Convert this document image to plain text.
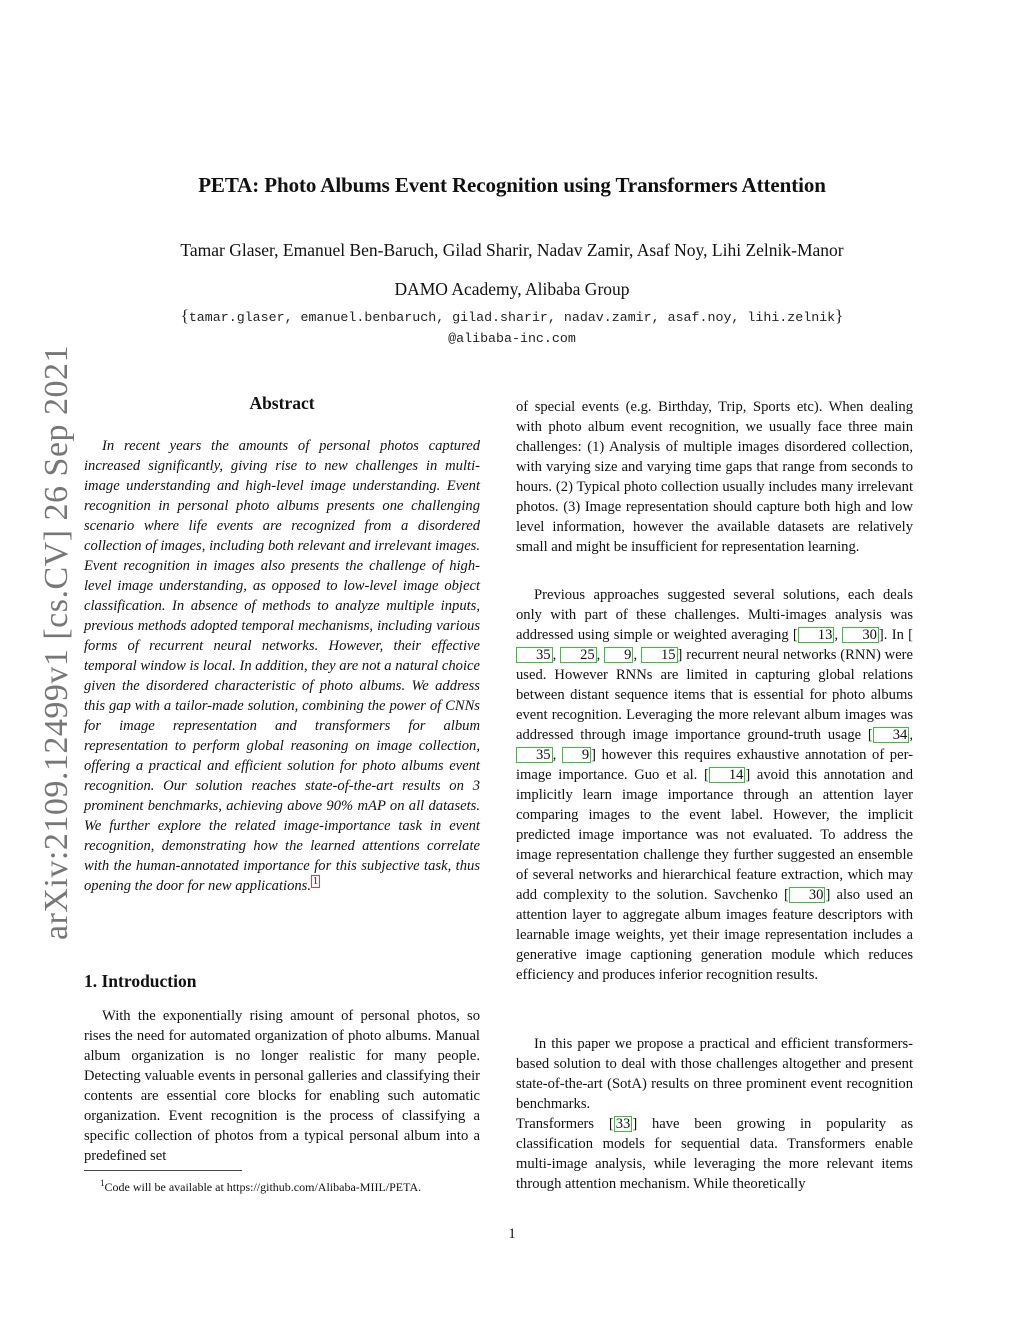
arXiv:2109.12499v1 [cs.CV] 26 Sep 2021
PETA: Photo Albums Event Recognition using Transformers Attention
Tamar Glaser, Emanuel Ben-Baruch, Gilad Sharir, Nadav Zamir, Asaf Noy, Lihi Zelnik-Manor
DAMO Academy, Alibaba Group
{tamar.glaser, emanuel.benbaruch, gilad.sharir, nadav.zamir, asaf.noy, lihi.zelnik}
@alibaba-inc.com
Abstract
In recent years the amounts of personal photos captured increased significantly, giving rise to new challenges in multi-image understanding and high-level image understanding. Event recognition in personal photo albums presents one challenging scenario where life events are recognized from a disordered collection of images, including both relevant and irrelevant images. Event recognition in images also presents the challenge of high-level image understanding, as opposed to low-level image object classification. In absence of methods to analyze multiple inputs, previous methods adopted temporal mechanisms, including various forms of recurrent neural networks. However, their effective temporal window is local. In addition, they are not a natural choice given the disordered characteristic of photo albums. We address this gap with a tailor-made solution, combining the power of CNNs for image representation and transformers for album representation to perform global reasoning on image collection, offering a practical and efficient solution for photo albums event recognition. Our solution reaches state-of-the-art results on 3 prominent benchmarks, achieving above 90% mAP on all datasets. We further explore the related image-importance task in event recognition, demonstrating how the learned attentions correlate with the human-annotated importance for this subjective task, thus opening the door for new applications. $^1$
1. Introduction
With the exponentially rising amount of personal photos, so rises the need for automated organization of photo albums. Manual album organization is no longer realistic for many people. Detecting valuable events in personal galleries and classifying their contents are essential core blocks for enabling such automatic organization. Event recognition is the process of classifying a specific collection of photos from a typical personal album into a predefined set
of special events (e.g. Birthday, Trip, Sports etc). When dealing with photo album event recognition, we usually face three main challenges: (1) Analysis of multiple images disordered collection, with varying size and varying time gaps that range from seconds to hours. (2) Typical photo collection usually includes many irrelevant photos. (3) Image representation should capture both high and low level information, however the available datasets are relatively small and might be insufficient for representation learning.
Previous approaches suggested several solutions, each deals only with part of these challenges. Multi-images analysis was addressed using simple or weighted averaging [ 13 , 30 ]. In [35 , 25 , 9 , 15 ] recurrent neural networks (RNN) were used. However RNNs are limited in capturing global relations between distant sequence items that is essential for photo albums event recognition. Leveraging the more relevant album images was addressed through image importance ground-truth usage [ 34 , 35 , 9 ] however this requires exhaustive annotation of per-image importance. Guo et al. [ 14 ] avoid this annotation and implicitly learn image importance through an attention layer comparing images to the event label. However, the implicit predicted image importance was not evaluated. To address the image representation challenge they further suggested an ensemble of several networks and hierarchical feature extraction, which may add complexity to the solution. Savchenko [ 30 ] also used an attention layer to aggregate album images feature descriptors with learnable image weights, yet their image representation includes a generative image captioning generation module which reduces efficiency and produces inferior recognition results.
In this paper we propose a practical and efficient transformers-based solution to deal with those challenges altogether and present state-of-the-art (SotA) results on three prominent event recognition benchmarks.
Transformers [ 33 ] have been growing in popularity as classification models for sequential data. Transformers enable multi-image analysis, while leveraging the more relevant items through attention mechanism. While theoretically
$^1$Code will be available at https://github.com/Alibaba-MIIL/PETA.
1
